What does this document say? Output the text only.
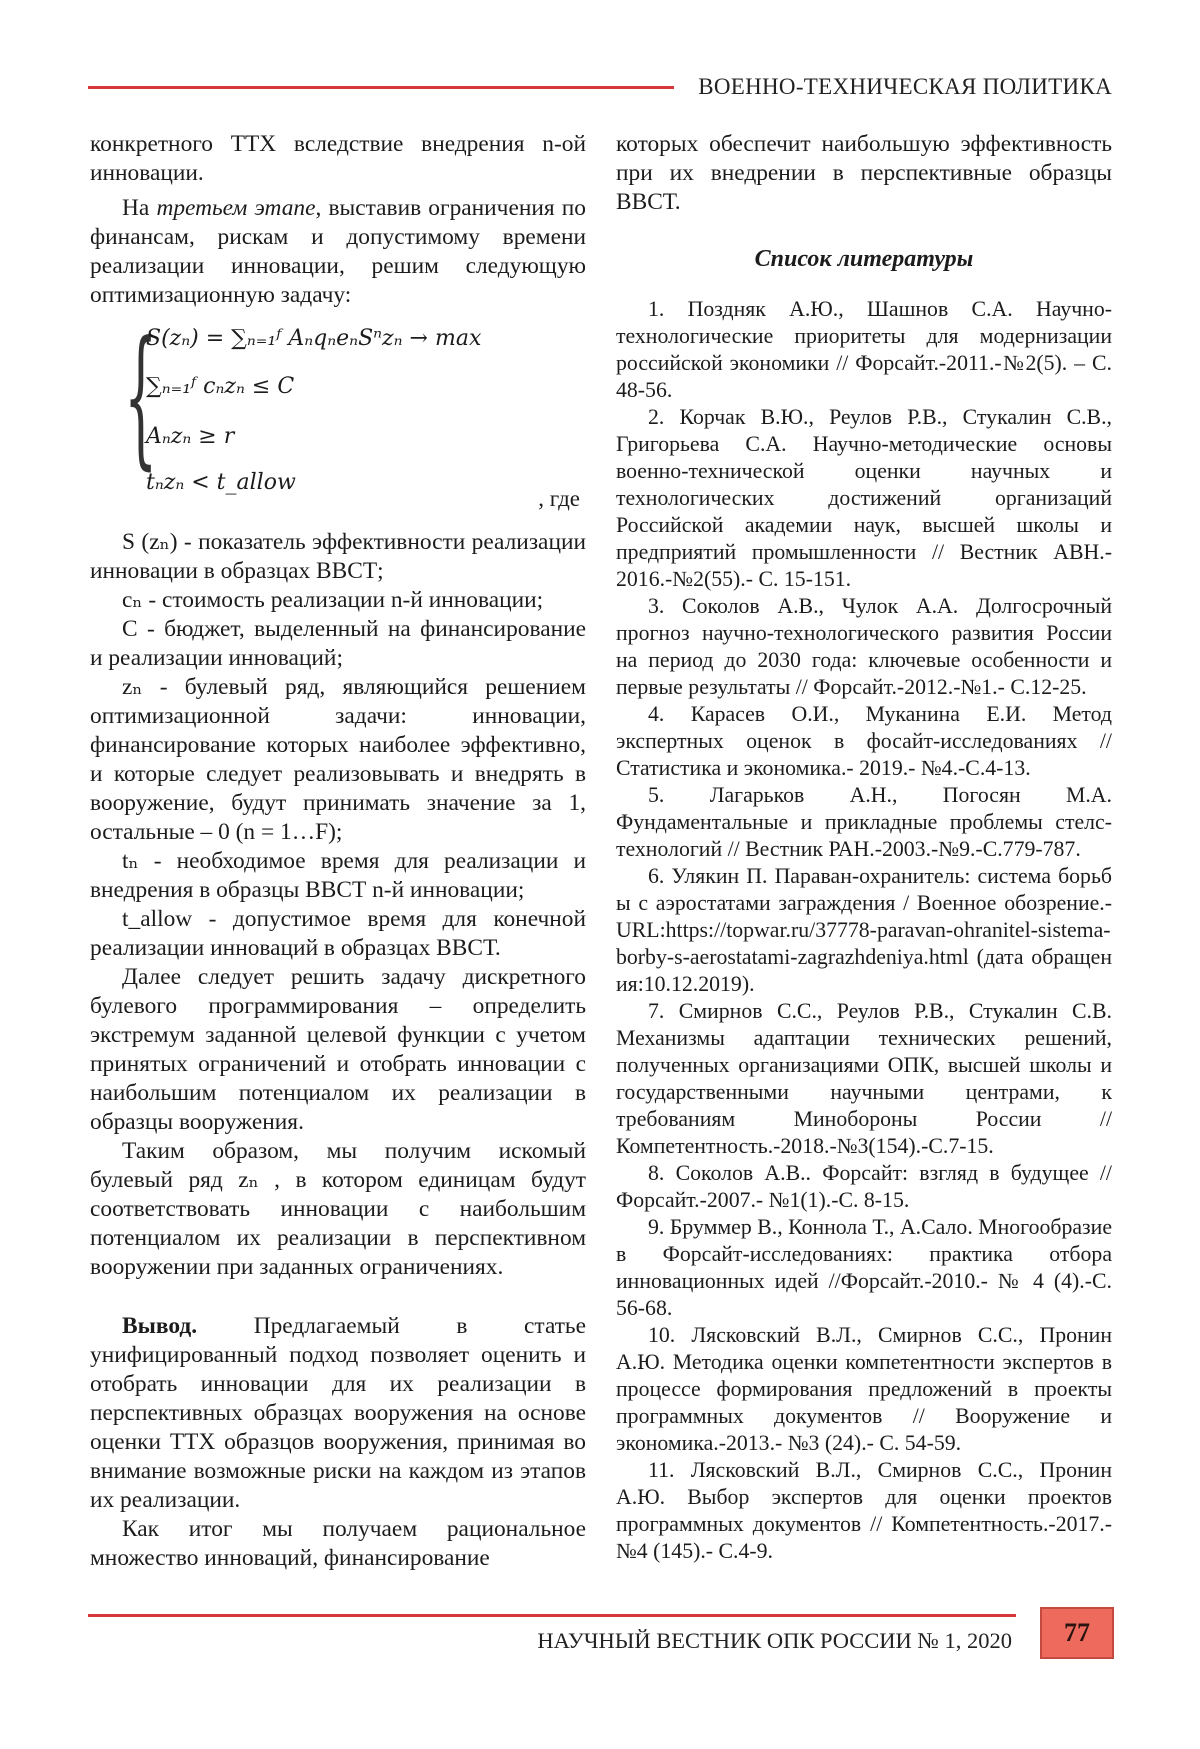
ВОЕННО-ТЕХНИЧЕСКАЯ ПОЛИТИКА

конкретного ТТХ вследствие внедрения n-ой инновации.

На третьем этапе, выставив ограничения по финансам, рискам и допустимому времени реализации инновации, решим следующую оптимизационную задачу:

{
S(zₙ) = ∑ₙ₌₁ᶠ AₙqₙeₙSⁿzₙ → max
∑ₙ₌₁ᶠ cₙzₙ ≤ C
Aₙzₙ ≥ r
tₙzₙ < t_allow
, где

S (zₙ) - показатель эффективности реализации инновации в образцах ВВСТ;

cₙ - стоимость реализации n-й инновации;

C - бюджет, выделенный на финансирование и реализации инноваций;

zₙ - булевый ряд, являющийся решением оптимизационной задачи: инновации, финансирование которых наиболее эффективно, и которые следует реализовывать и внедрять в вооружение, будут принимать значение за 1, остальные – 0 (n = 1…F);

tₙ - необходимое время для реализации и внедрения в образцы ВВСТ n-й инновации;

t_allow - допустимое время для конечной реализации инноваций в образцах ВВСТ.

Далее следует решить задачу дискретного булевого программирования – определить экстремум заданной целевой функции с учетом принятых ограничений и отобрать инновации с наибольшим потенциалом их реализации в образцы вооружения.

Таким образом, мы получим искомый булевый ряд zₙ , в котором единицам будут соответствовать инновации с наибольшим потенциалом их реализации в перспективном вооружении при заданных ограничениях.

Вывод. Предлагаемый в статье унифицированный подход позволяет оценить и отобрать инновации для их реализации в перспективных образцах вооружения на основе оценки ТТХ образцов вооружения, принимая во внимание возможные риски на каждом из этапов их реализации.

Как итог мы получаем рациональное множество инноваций, финансирование

которых обеспечит наибольшую эффективность при их внедрении в перспективные образцы ВВСТ.

Список литературы

1. Поздняк А.Ю., Шашнов С.А. Научно-технологические приоритеты для модернизации российской экономики // Форсайт.-2011.-№2(5). – С. 48-56.

2. Корчак В.Ю., Реулов Р.В., Стукалин С.В., Григорьева С.А. Научно-методические основы военно-технической оценки научных и технологических достижений организаций Российской академии наук, высшей школы и предприятий промышленности // Вестник АВН.- 2016.-№2(55).- С. 15-151.

3. Соколов А.В., Чулок А.А. Долгосрочный прогноз научно-технологического развития России на период до 2030 года: ключевые особенности и первые результаты // Форсайт.-2012.-№1.- С.12-25.

4. Карасев О.И., Муканина Е.И. Метод экспертных оценок в фосайт-исследованиях // Статистика и экономика.- 2019.- №4.-С.4-13.

5. Лагарьков А.Н., Погосян М.А. Фундаментальные и прикладные проблемы стелс-технологий // Вестник РАН.-2003.-№9.-С.779-787.

6. Улякин П. Параван-охранитель: система борьбы с аэростатами заграждения / Военное обозрение.- URL:https://topwar.ru/37778-paravan-ohranitel-sistema-borby-s-aerostatami-zagrazhdeniya.html (дата обращения:10.12.2019).

7. Смирнов С.С., Реулов Р.В., Стукалин С.В. Механизмы адаптации технических решений, полученных организациями ОПК, высшей школы и государственными научными центрами, к требованиям Минобороны России // Компетентность.-2018.-№3(154).-С.7-15.

8. Соколов А.В.. Форсайт: взгляд в будущее // Форсайт.-2007.- №1(1).-С. 8-15.

9. Бруммер В., Коннола Т., А.Сало. Многообразие в Форсайт-исследованиях: практика отбора инновационных идей //Форсайт.-2010.- № 4 (4).-С. 56-68.

10. Лясковский В.Л., Смирнов С.С., Пронин А.Ю. Методика оценки компетентности экспертов в процессе формирования предложений в проекты программных документов // Вооружение и экономика.-2013.- №3 (24).- С. 54-59.

11. Лясковский В.Л., Смирнов С.С., Пронин А.Ю. Выбор экспертов для оценки проектов программных документов // Компетентность.-2017.-№4 (145).- С.4-9.

НАУЧНЫЙ ВЕСТНИК ОПК РОССИИ № 1, 2020	77
